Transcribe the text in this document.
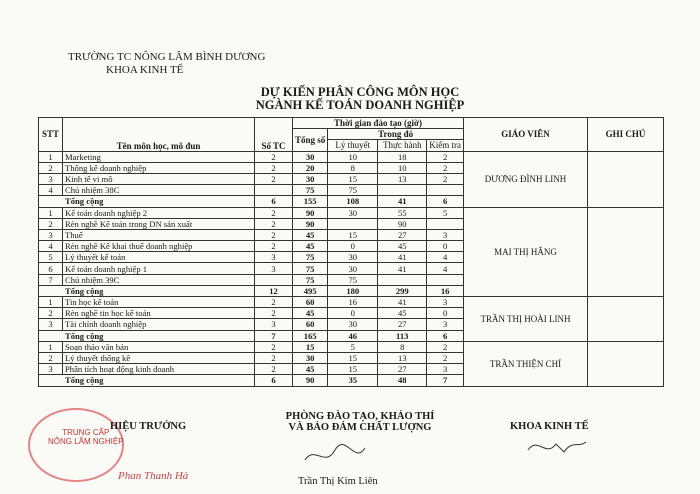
TRƯỜNG TC NÔNG LÂM BÌNH DƯƠNG
KHOA KINH TẾ
DỰ KIẾN PHÂN CÔNG MÔN HỌC
NGÀNH KẾ TOÁN DOANH NGHIỆP
STT	Tên môn học, mô đun	Số TC	Thời gian đào tạo (giờ)				GIÁO VIÊN	GHI CHÚ
			Tổng số	Trong đó				
				Lý thuyết	Thực hành	Kiểm tra		
1	Marketing	2	30	10	18	2	DƯƠNG ĐÌNH LINH	
2	Thống kê doanh nghiệp	2	20	8	10	2		
3	Kinh tế vi mô	2	30	15	13	2		
4	Chủ nhiệm 38C		75	75				
Tổng cộng		6	155	108	41	6		
1	Kế toán doanh nghiệp 2	2	90	30	55	5	MAI THỊ HẰNG	
2	Rèn nghề Kế toán trong DN sản xuất	2	90		90			
3	Thuế	2	45	15	27	3		
4	Rèn nghề Kê khai thuế doanh nghiệp	2	45	0	45	0		
5	Lý thuyết kế toán	3	75	30	41	4		
6	Kế toán doanh nghiệp 1	3	75	30	41	4		
7	Chủ nhiệm 39C		75	75				
Tổng cộng		12	495	180	299	16		
1	Tin học kế toán	2	60	16	41	3	TRẦN THỊ HOÀI LINH	
2	Rèn nghề tin học kế toán	2	45	0	45	0		
3	Tài chính doanh nghiệp	3	60	30	27	3		
Tổng cộng		7	165	46	113	6		
1	Soạn thảo văn bản	2	15	5	8	2	TRẦN THIỆN CHÍ	
2	Lý thuyết thống kê	2	30	15	13	2		
3	Phân tích hoạt động kinh doanh	2	45	15	27	3		
Tổng cộng		6	90	35	48	7		
TRUNG CẤP
NÔNG LÂM NGHIỆP
HIỆU TRƯỞNG
PHÒNG ĐÀO TẠO, KHẢO THÍ
VÀ BẢO ĐẢM CHẤT LƯỢNG	KHOA KINH TẾ
Phan Thanh Hà	Trần Thị Kim Liên
